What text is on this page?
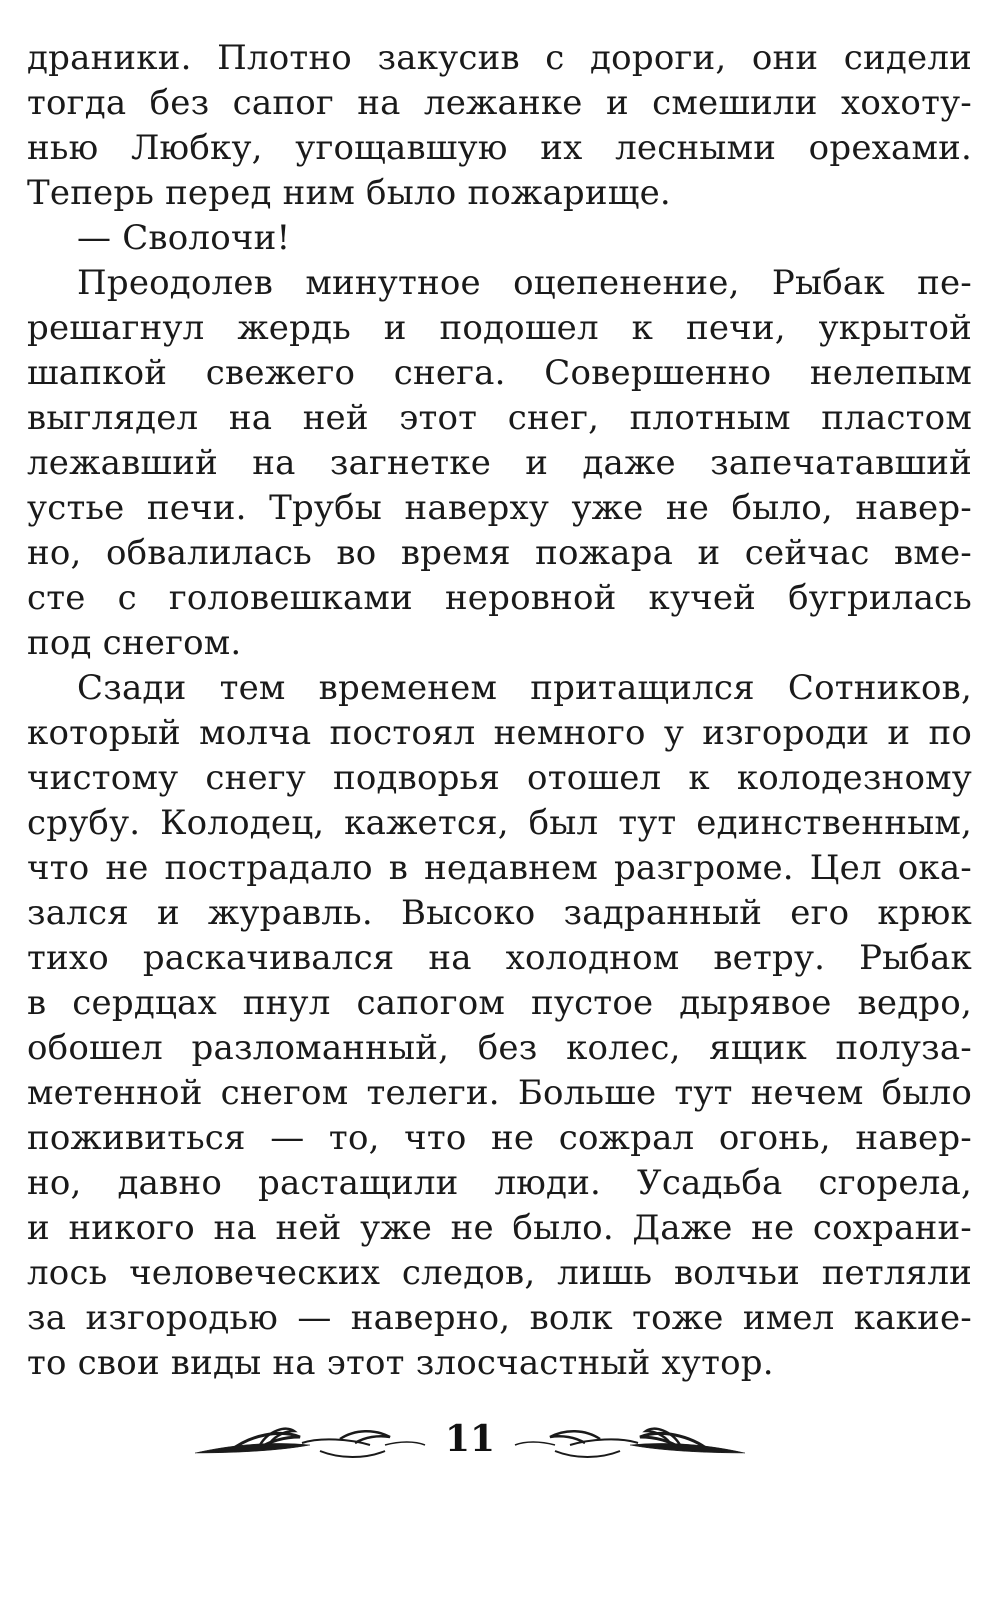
драники. Плотно закусив с дороги, они сидели
тогда без сапог на лежанке и смешили хохоту-
нью Любку, угощавшую их лесными орехами.
Теперь перед ним было пожарище.
— Сволочи!
Преодолев минутное оцепенение, Рыбак пе-
решагнул жердь и подошел к печи, укрытой
шапкой свежего снега. Совершенно нелепым
выглядел на ней этот снег, плотным пластом
лежавший на загнетке и даже запечатавший
устье печи. Трубы наверху уже не было, навер-
но, обвалилась во время пожара и сейчас вме-
сте с головешками неровной кучей бугрилась
под снегом.
Сзади тем временем притащился Сотников,
который молча постоял немного у изгороди и по
чистому снегу подворья отошел к колодезному
срубу. Колодец, кажется, был тут единственным,
что не пострадало в недавнем разгроме. Цел ока-
зался и журавль. Высоко задранный его крюк
тихо раскачивался на холодном ветру. Рыбак
в сердцах пнул сапогом пустое дырявое ведро,
обошел разломанный, без колес, ящик полуза-
метенной снегом телеги. Больше тут нечем было
поживиться — то, что не сожрал огонь, навер-
но, давно растащили люди. Усадьба сгорела,
и никого на ней уже не было. Даже не сохрани-
лось человеческих следов, лишь волчьи петляли
за изгородью — наверно, волк тоже имел какие-
то свои виды на этот злосчастный хутор.
11
